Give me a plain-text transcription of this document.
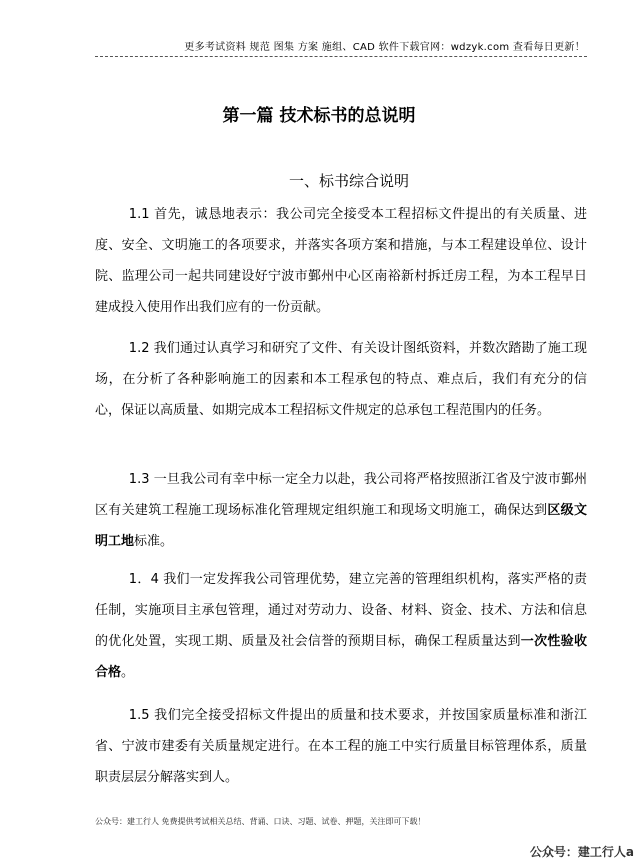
更多考试资料 规范 图集 方案 施组、CAD 软件下载官网：wdzyk.com 查看每日更新！
第一篇 技术标书的总说明
一、标书综合说明

1.1 首先，诚恳地表示：我公司完全接受本工程招标文件提出的有关质量、进度、安全、文明施工的各项要求，并落实各项方案和措施，与本工程建设单位、设计院、监理公司一起共同建设好宁波市鄞州中心区南裕新村拆迁房工程，为本工程早日建成投入使用作出我们应有的一份贡献。

1.2 我们通过认真学习和研究了文件、有关设计图纸资料，并数次踏勘了施工现场，在分析了各种影响施工的因素和本工程承包的特点、难点后，我们有充分的信心，保证以高质量、如期完成本工程招标文件规定的总承包工程范围内的任务。

1.3 一旦我公司有幸中标一定全力以赴，我公司将严格按照浙江省及宁波市鄞州区有关建筑工程施工现场标准化管理规定组织施工和现场文明施工，确保达到区级文明工地标准。

1．4 我们一定发挥我公司管理优势，建立完善的管理组织机构，落实严格的责任制，实施项目主承包管理，通过对劳动力、设备、材料、资金、技术、方法和信息的优化处置，实现工期、质量及社会信誉的预期目标，确保工程质量达到一次性验收合格。

1.5 我们完全接受招标文件提出的质量和技术要求，并按国家质量标准和浙江省、宁波市建委有关质量规定进行。在本工程的施工中实行质量目标管理体系，质量职责层层分解落实到人。

公众号：建工行人 免费提供考试相关总结、背诵、口诀、习题、试卷、押题，关注即可下载！
公众号：建工行人a
